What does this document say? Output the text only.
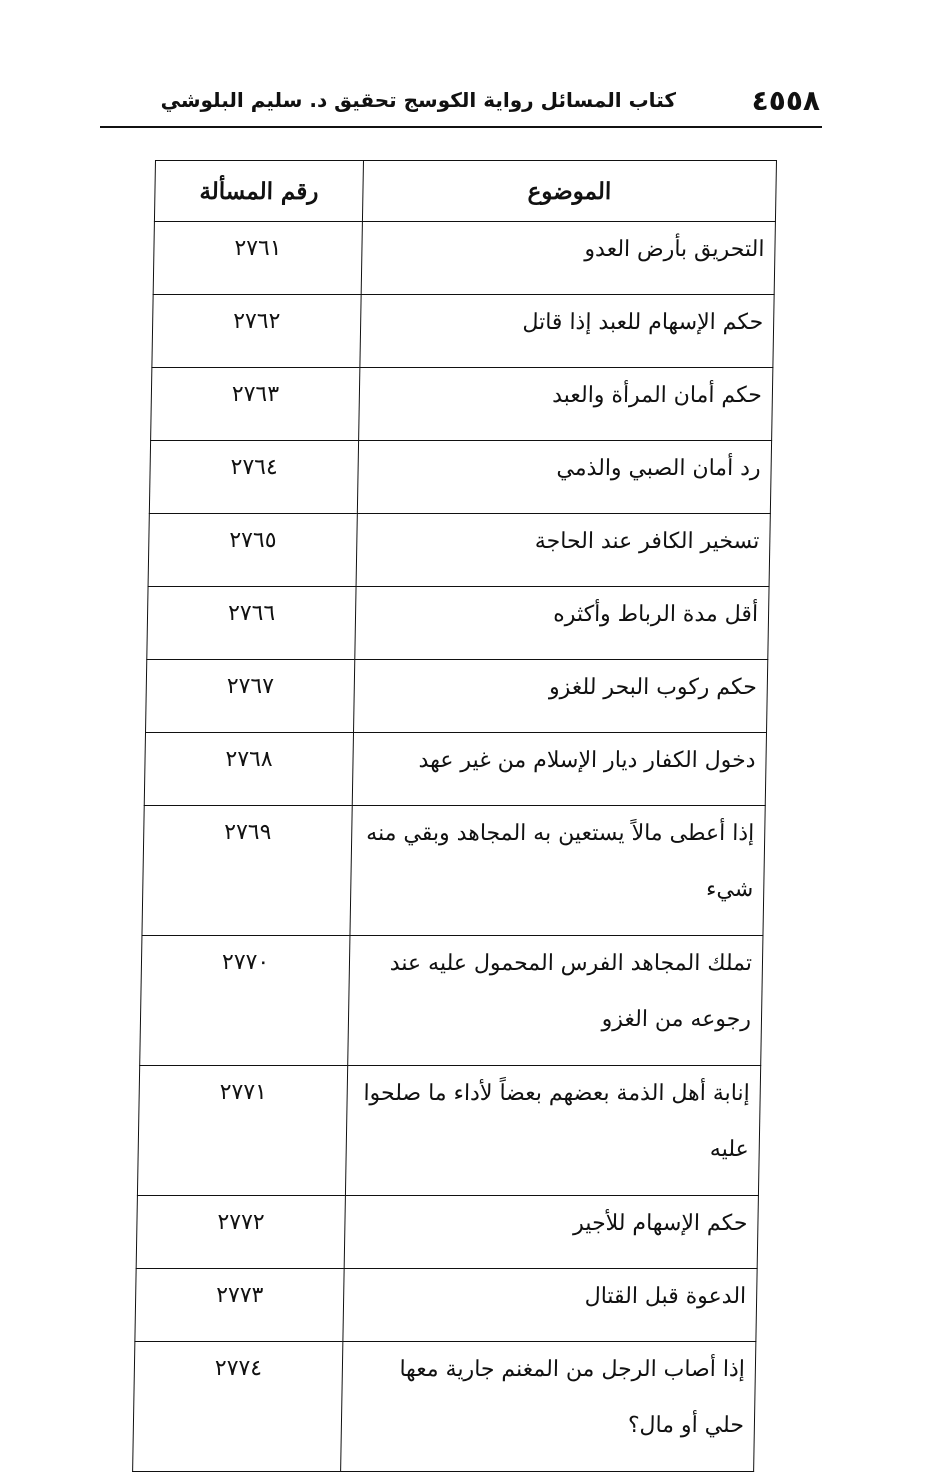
٤٥٥٨
كتاب المسائل رواية الكوسج تحقيق د. سليم البلوشي
الموضوع	رقم المسألة

التحريق بأرض العدو	٢٧٦١

حكم الإسهام للعبد إذا قاتل	٢٧٦٢

حكم أمان المرأة والعبد	٢٧٦٣

رد أمان الصبي والذمي	٢٧٦٤

تسخير الكافر عند الحاجة	٢٧٦٥

أقل مدة الرباط وأكثره	٢٧٦٦

حكم ركوب البحر للغزو	٢٧٦٧

دخول الكفار ديار الإسلام من غير عهد	٢٧٦٨

إذا أعطى مالاً يستعين به المجاهد وبقي منه شيء	٢٧٦٩

تملك المجاهد الفرس المحمول عليه عند رجوعه من الغزو	٢٧٧٠

إنابة أهل الذمة بعضهم بعضاً لأداء ما صلحوا عليه	٢٧٧١

حكم الإسهام للأجير	٢٧٧٢

الدعوة قبل القتال	٢٧٧٣

إذا أصاب الرجل من المغنم جارية معها حلي أو مال؟	٢٧٧٤
